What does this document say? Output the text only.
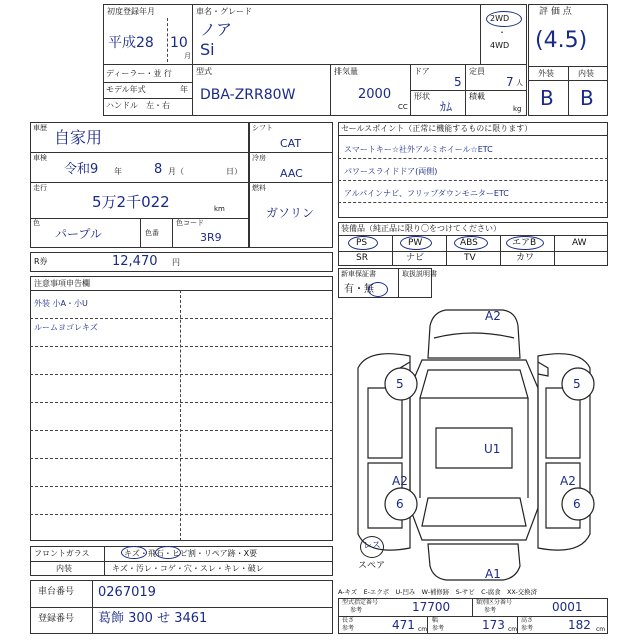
初度登録年月
平成28 10
月
車名・グレード
ノア
Si
2WD
・
4WD
ディーラー・並 行
モデル年式	年
ハンドル　左・右
型式
DBA-ZRR80W
排気量
2000
CC
ドア
5
定員
7 人
形状
ｶﾑ
積載
kg
評 価 点
(4.5)
外装	内装
B B
車歴 自家用
車検
令和9 年 8 月（	日）
走行
5万2千022	km
色
パープル	色番
色コード
3R9
シフト
CAT
冷房
AAC
燃料
ガソリン
R券	12,470 円
注意事項申告欄
外装 小A・小U
ルームヨゴレキズ
フロントガラス	キズ・飛石・ヒビ割・リペア跡・X要
内装	キズ・汚レ・コゲ・穴・スレ・キレ・破レ
車台番号 0267019
登録番号 葛飾 300 せ 3461
セールスポイント（正常に機能するものに限ります）
スマートキー☆社外アルミホイール☆ETC
パワースライドドア(両側)
アルパインナビ、フリップダウンモニターETC
装備品（純正品に限り〇をつけてください）
PS	PW	ABS	エアB	AW
SR	ナビ	TV	カワ
新車保証書	取扱説明書
有・無
A2
5	5
U1
A2	A2
6	6
A1
レス
スペア
A-キズ　E-エクボ　U-凹み　W-補修跡　S-サビ　C-腐食　XX-交換済
型式指定番号
参考	17700	類別区分番号
参考	0001
長さ
参考	471 cm
幅
参考	173 cm
高さ
参考	182 cm
